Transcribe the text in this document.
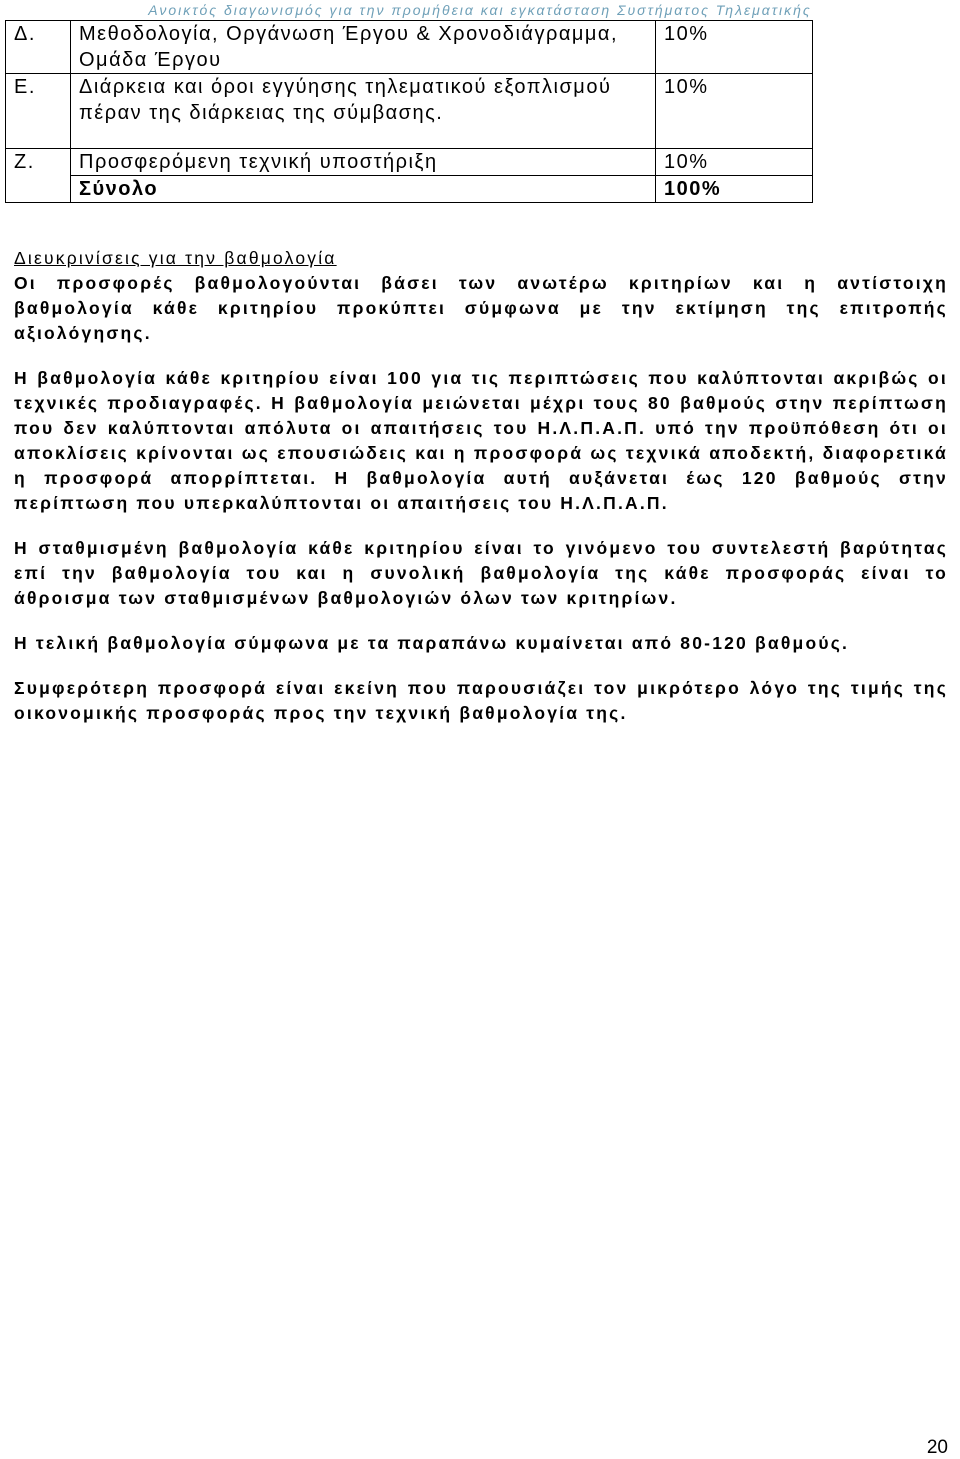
Ανοικτός διαγωνισμός για την προμήθεια και εγκατάσταση Συστήματος Τηλεματικής
Δ.	Μεθοδολογία, Οργάνωση Έργου & Χρονοδιάγραμμα, Ομάδα Έργου	10%
Ε.	Διάρκεια και όροι εγγύησης τηλεματικού εξοπλισμού πέραν της διάρκειας της σύμβασης.	10%
Ζ.	Προσφερόμενη τεχνική υποστήριξη	10%
	Σύνολο	100%

Διευκρινίσεις για την βαθμολογία

Οι προσφορές βαθμολογούνται βάσει των ανωτέρω κριτηρίων και η αντίστοιχη βαθμολογία κάθε κριτηρίου προκύπτει σύμφωνα με την εκτίμηση της επιτροπής αξιολόγησης.

Η βαθμολογία κάθε κριτηρίου είναι 100 για τις περιπτώσεις που καλύπτονται ακριβώς οι τεχνικές προδιαγραφές. Η βαθμολογία μειώνεται μέχρι τους 80 βαθμούς στην περίπτωση που δεν καλύπτονται απόλυτα οι απαιτήσεις του Η.Λ.Π.Α.Π. υπό την προϋπόθεση ότι οι αποκλίσεις κρίνονται ως επουσιώδεις και η προσφορά ως τεχνικά αποδεκτή, διαφορετικά η προσφορά απορρίπτεται. Η βαθμολογία αυτή αυξάνεται έως 120 βαθμούς στην περίπτωση που υπερκαλύπτονται οι απαιτήσεις του Η.Λ.Π.Α.Π.

Η σταθμισμένη βαθμολογία κάθε κριτηρίου είναι το γινόμενο του συντελεστή βαρύτητας επί την βαθμολογία του και η συνολική βαθμολογία της κάθε προσφοράς είναι το άθροισμα των σταθμισμένων βαθμολογιών όλων των κριτηρίων.

Η τελική βαθμολογία σύμφωνα με τα παραπάνω κυμαίνεται από 80-120 βαθμούς.

Συμφερότερη προσφορά είναι εκείνη που παρουσιάζει τον μικρότερο λόγο της τιμής της οικονομικής προσφοράς προς την τεχνική βαθμολογία της.

20
